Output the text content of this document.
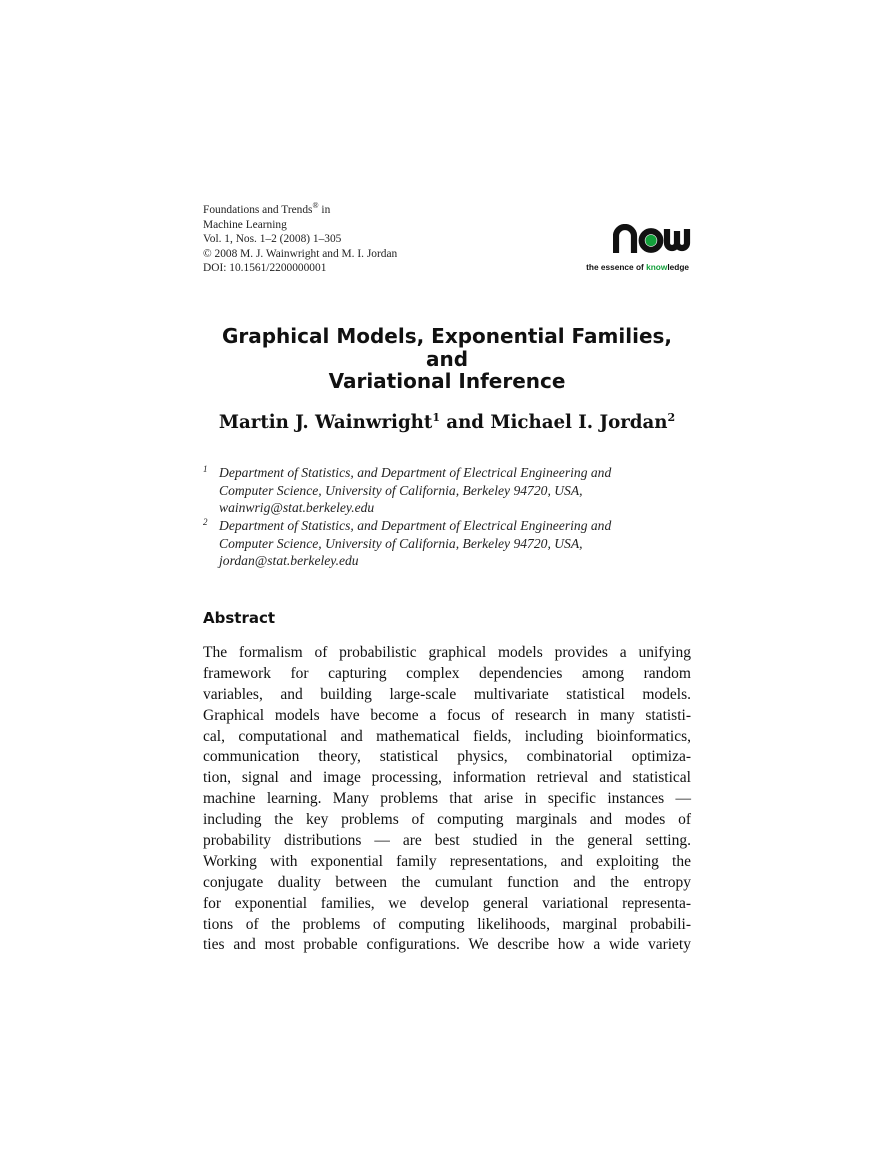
Foundations and Trends® in
Machine Learning
Vol. 1, Nos. 1–2 (2008) 1–305
© 2008 M. J. Wainwright and M. I. Jordan
DOI: 10.1561/2200000001	the essence of knowledge
Graphical Models, Exponential Families, and
Variational Inference
Martin J. Wainwright$^1$ and Michael I. Jordan$^2$
1 Department of Statistics, and Department of Electrical Engineering and
Computer Science, University of California, Berkeley 94720, USA,
wainwrig@stat.berkeley.edu
2 Department of Statistics, and Department of Electrical Engineering and
Computer Science, University of California, Berkeley 94720, USA,
jordan@stat.berkeley.edu
Abstract
The formalism of probabilistic graphical models provides a unifying
framework for capturing complex dependencies among random
variables, and building large-scale multivariate statistical models.
Graphical models have become a focus of research in many statisti-
cal, computational and mathematical fields, including bioinformatics,
communication theory, statistical physics, combinatorial optimiza-
tion, signal and image processing, information retrieval and statistical
machine learning. Many problems that arise in specific instances —
including the key problems of computing marginals and modes of
probability distributions — are best studied in the general setting.
Working with exponential family representations, and exploiting the
conjugate duality between the cumulant function and the entropy
for exponential families, we develop general variational representa-
tions of the problems of computing likelihoods, marginal probabili-
ties and most probable configurations. We describe how a wide variety
